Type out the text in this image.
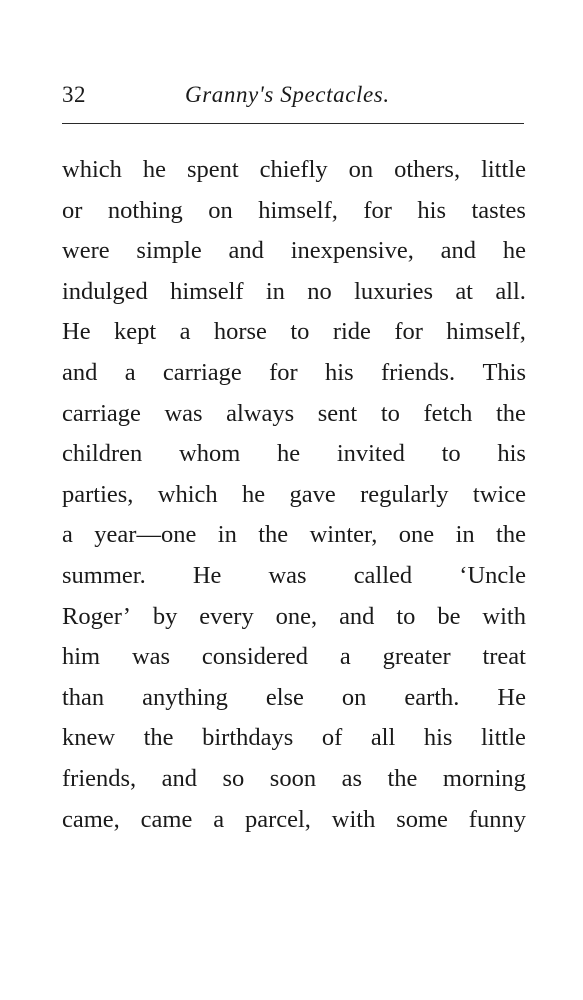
32	Granny's Spectacles.
which he spent chiefly on others, little
or nothing on himself, for his tastes
were simple and inexpensive, and he
indulged himself in no luxuries at all.
He kept a horse to ride for himself,
and a carriage for his friends. This
carriage was always sent to fetch the
children whom he invited to his
parties, which he gave regularly twice
a year—one in the winter, one in the
summer. He was called ‘Uncle
Roger’ by every one, and to be with
him was considered a greater treat
than anything else on earth. He
knew the birthdays of all his little
friends, and so soon as the morning
came, came a parcel, with some funny
